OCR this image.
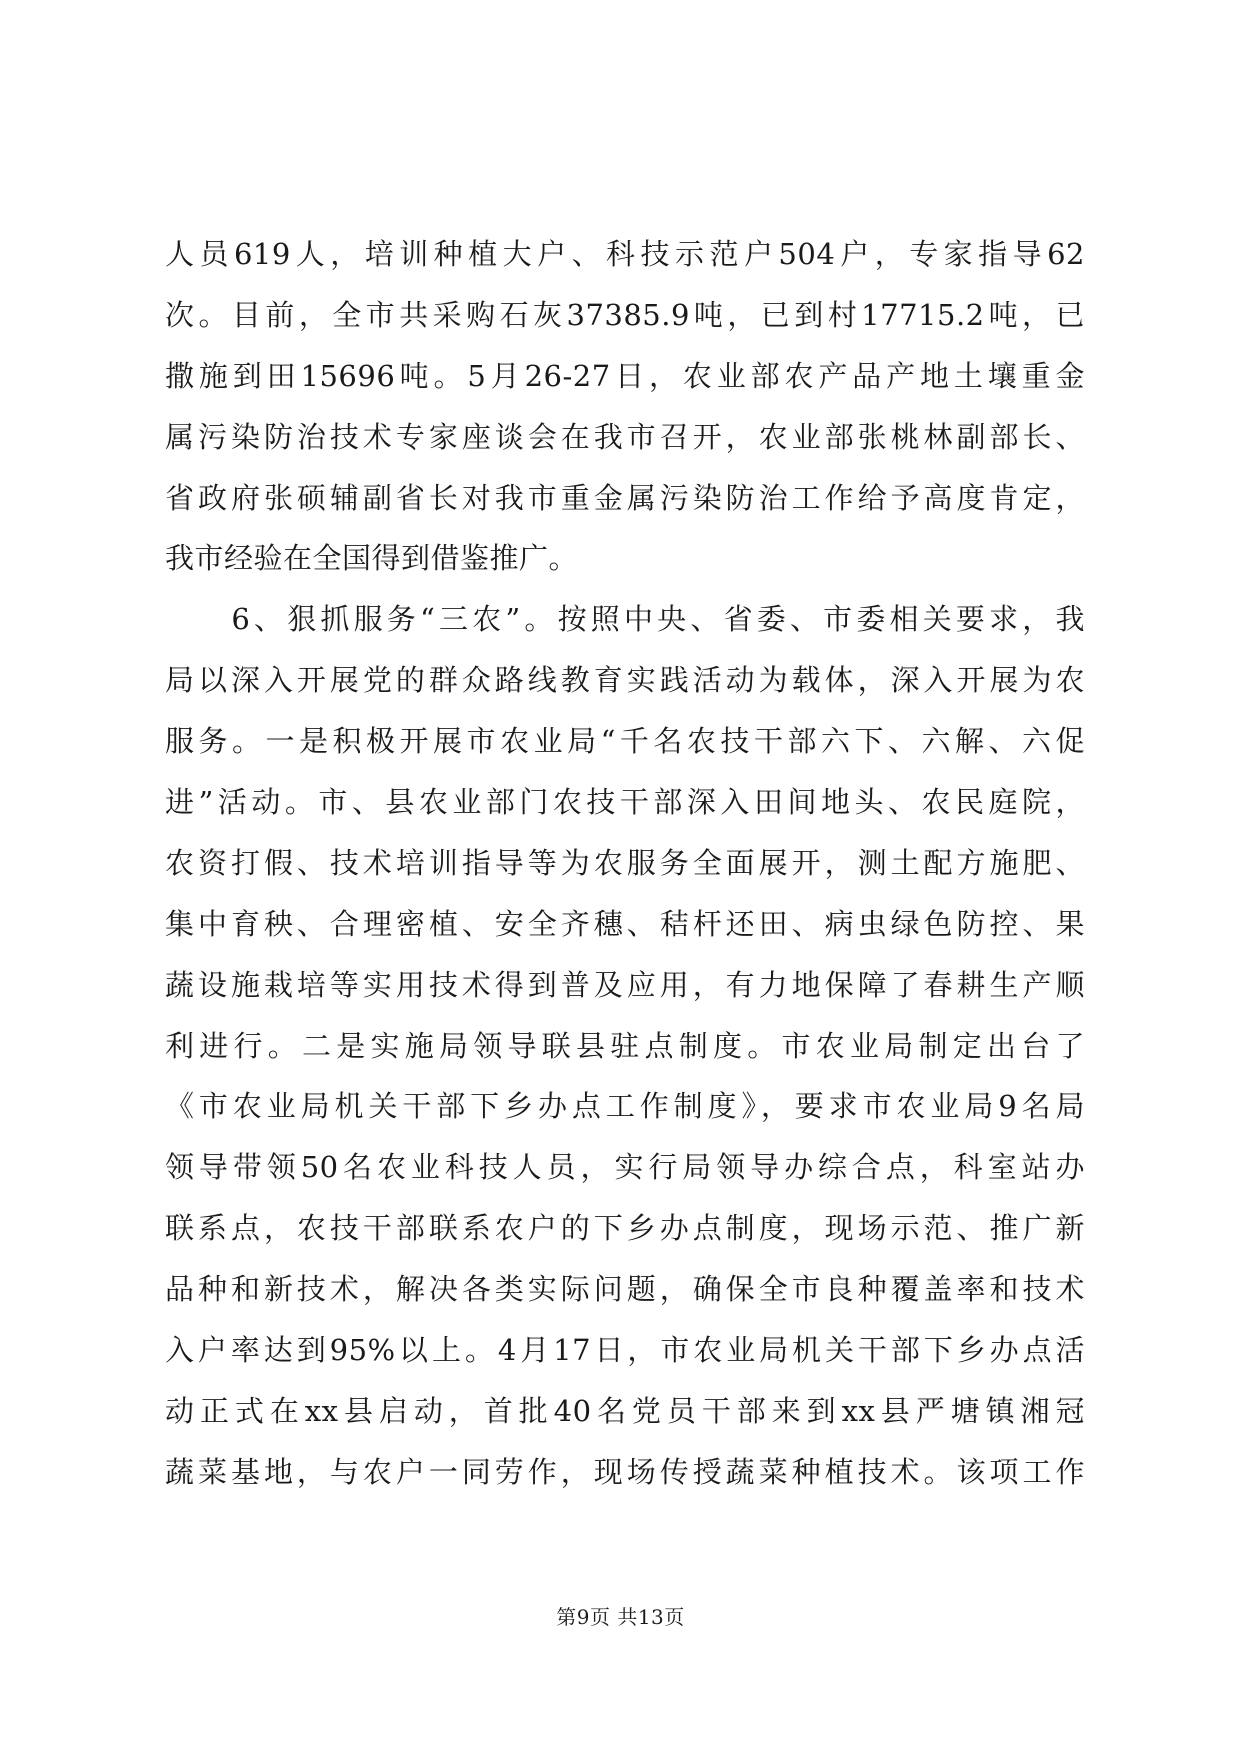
人员619人，培训种植大户、科技示范户504户，专家指导62
次。目前，全市共采购石灰37385.9吨，已到村17715.2吨，已
撒施到田15696吨。5月26-27日，农业部农产品产地土壤重金
属污染防治技术专家座谈会在我市召开，农业部张桃林副部长、
省政府张硕辅副省长对我市重金属污染防治工作给予高度肯定，
我市经验在全国得到借鉴推广。
　　6、狠抓服务“三农”。按照中央、省委、市委相关要求，我
局以深入开展党的群众路线教育实践活动为载体，深入开展为农
服务。一是积极开展市农业局“千名农技干部六下、六解、六促
进”活动。市、县农业部门农技干部深入田间地头、农民庭院，
农资打假、技术培训指导等为农服务全面展开，测土配方施肥、
集中育秧、合理密植、安全齐穗、秸杆还田、病虫绿色防控、果
蔬设施栽培等实用技术得到普及应用，有力地保障了春耕生产顺
利进行。二是实施局领导联县驻点制度。市农业局制定出台了
《市农业局机关干部下乡办点工作制度》，要求市农业局9名局
领导带领50名农业科技人员，实行局领导办综合点，科室站办
联系点，农技干部联系农户的下乡办点制度，现场示范、推广新
品种和新技术，解决各类实际问题，确保全市良种覆盖率和技术
入户率达到95%以上。4月17日，市农业局机关干部下乡办点活
动正式在xx县启动，首批40名党员干部来到xx县严塘镇湘冠
蔬菜基地，与农户一同劳作，现场传授蔬菜种植技术。该项工作
第9页 共13页
